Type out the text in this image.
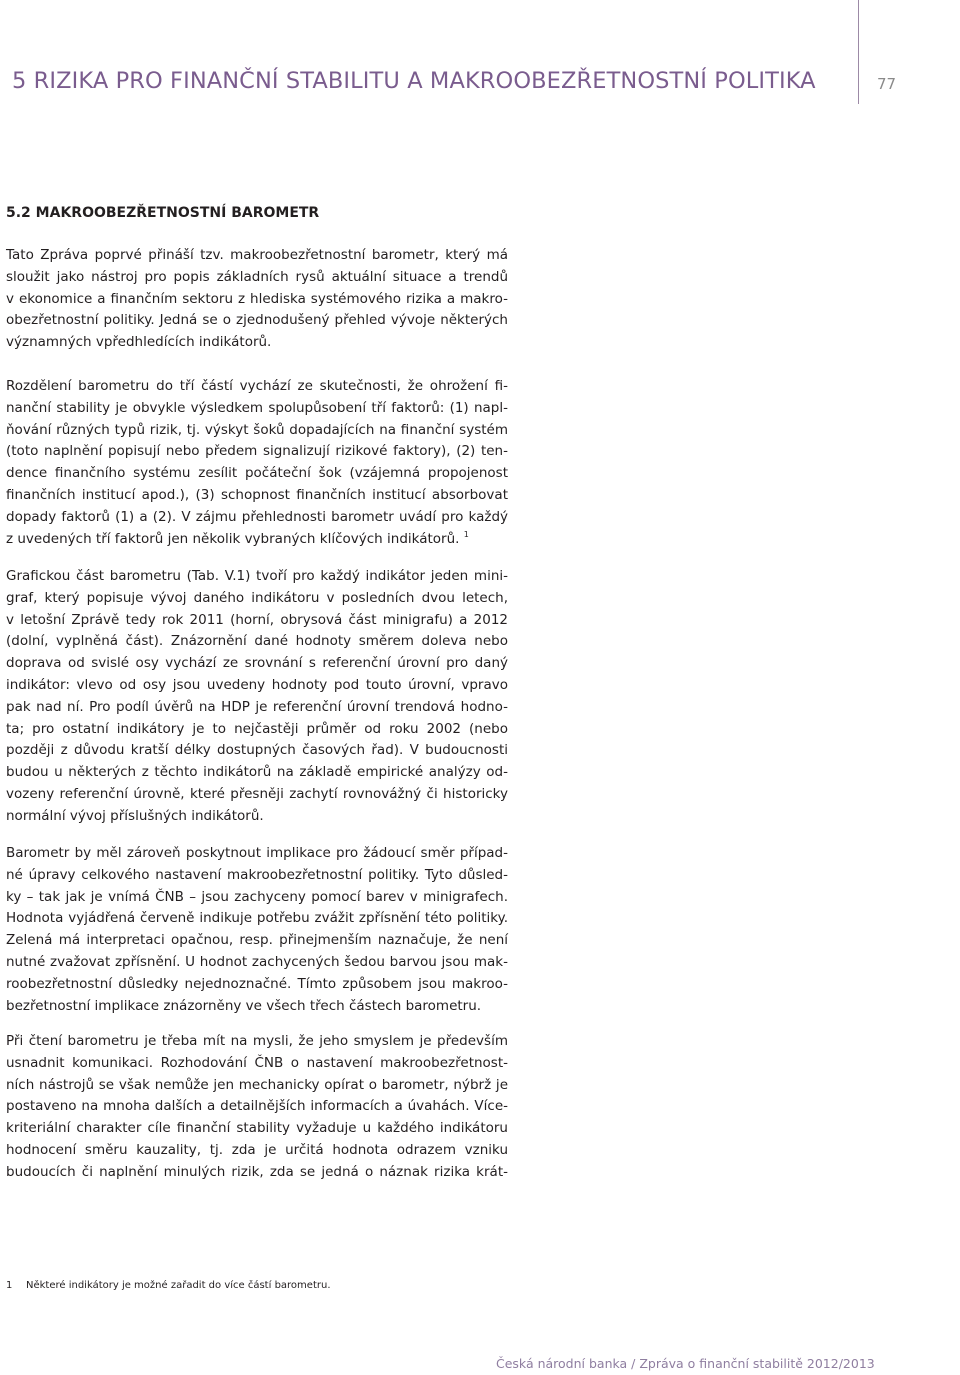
5 RIZIKA PRO FINANČNÍ STABILITU A MAKROOBEZŘETNOSTNÍ POLITIKA	77
5.2 MAKROOBEZŘETNOSTNÍ BAROMETR
Tato Zpráva poprvé přináší tzv. makroobezřetnostní barometr, který má
sloužit jako nástroj pro popis základních rysů aktuální situace a trendů
v ekonomice a finančním sektoru z hlediska systémového rizika a makro-
obezřetnostní politiky. Jedná se o zjednodušený přehled vývoje některých
významných vpředhledících indikátorů.
Rozdělení barometru do tří částí vychází ze skutečnosti, že ohrožení fi-
nanční stability je obvykle výsledkem spolupůsobení tří faktorů: (1) napl-
ňování různých typů rizik, tj. výskyt šoků dopadajících na finanční systém
(toto naplnění popisují nebo předem signalizují rizikové faktory), (2) ten-
dence finančního systému zesílit počáteční šok (vzájemná propojenost
finančních institucí apod.), (3) schopnost finančních institucí absorbovat
dopady faktorů (1) a (2). V zájmu přehlednosti barometr uvádí pro každý
z uvedených tří faktorů jen několik vybraných klíčových indikátorů. $^1$
Grafickou část barometru (Tab. V.1) tvoří pro každý indikátor jeden mini-
graf, který popisuje vývoj daného indikátoru v posledních dvou letech,
v letošní Zprávě tedy rok 2011 (horní, obrysová část minigrafu) a 2012
(dolní, vyplněná část). Znázornění dané hodnoty směrem doleva nebo
doprava od svislé osy vychází ze srovnání s referenční úrovní pro daný
indikátor: vlevo od osy jsou uvedeny hodnoty pod touto úrovní, vpravo
pak nad ní. Pro podíl úvěrů na HDP je referenční úrovní trendová hodno-
ta; pro ostatní indikátory je to nejčastěji průměr od roku 2002 (nebo
později z důvodu kratší délky dostupných časových řad). V budoucnosti
budou u některých z těchto indikátorů na základě empirické analýzy od-
vozeny referenční úrovně, které přesněji zachytí rovnovážný či historicky
normální vývoj příslušných indikátorů.
Barometr by měl zároveň poskytnout implikace pro žádoucí směr případ-
né úpravy celkového nastavení makroobezřetnostní politiky. Tyto důsled-
ky – tak jak je vnímá ČNB – jsou zachyceny pomocí barev v minigrafech.
Hodnota vyjádřená červeně indikuje potřebu zvážit zpřísnění této politiky.
Zelená má interpretaci opačnou, resp. přinejmenším naznačuje, že není
nutné zvažovat zpřísnění. U hodnot zachycených šedou barvou jsou mak-
roobezřetnostní důsledky nejednoznačné. Tímto způsobem jsou makroo-
bezřetnostní implikace znázorněny ve všech třech částech barometru.
Při čtení barometru je třeba mít na mysli, že jeho smyslem je především
usnadnit komunikaci. Rozhodování ČNB o nastavení makroobezřetnost-
ních nástrojů se však nemůže jen mechanicky opírat o barometr, nýbrž je
postaveno na mnoha dalších a detailnějších informacích a úvahách. Více-
kriteriální charakter cíle finanční stability vyžaduje u každého indikátoru
hodnocení směru kauzality, tj. zda je určitá hodnota odrazem vzniku
budoucích či naplnění minulých rizik, zda se jedná o náznak rizika krát-
1 Některé indikátory je možné zařadit do více částí barometru.
Česká národní banka / Zpráva o finanční stabilitě 2012/2013
